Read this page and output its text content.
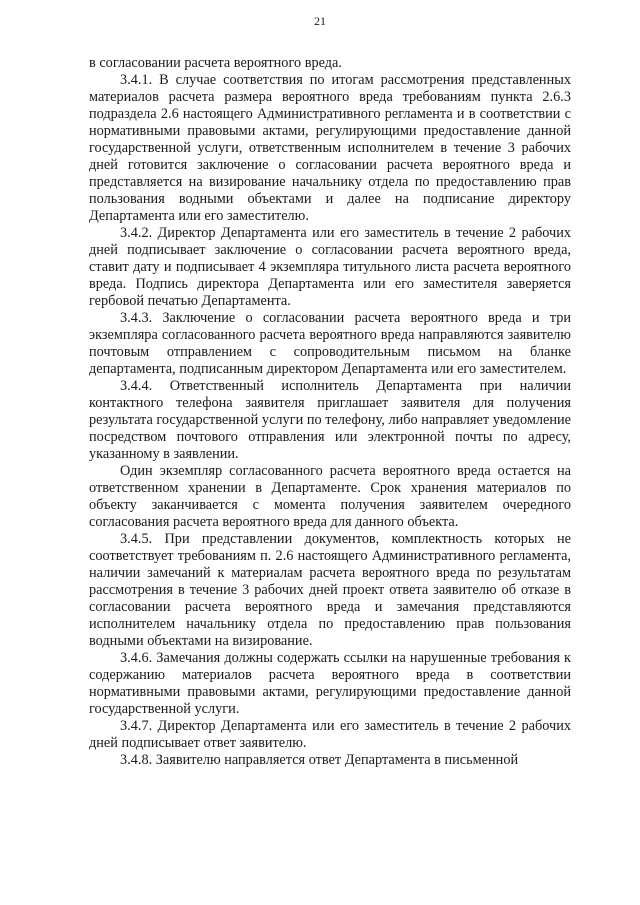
21

в согласовании расчета вероятного вреда.

3.4.1. В случае соответствия по итогам рассмотрения представленных материалов расчета размера вероятного вреда требованиям пункта 2.6.3 подраздела 2.6 настоящего Административного регламента и в соответствии с нормативными правовыми актами, регулирующими предоставление данной государственной услуги, ответственным исполнителем в течение 3 рабочих дней готовится заключение о согласовании расчета вероятного вреда и представляется на визирование начальнику отдела по предоставлению прав пользования водными объектами и далее на подписание директору Департамента или его заместителю.

3.4.2. Директор Департамента или его заместитель в течение 2 рабочих дней подписывает заключение о согласовании расчета вероятного вреда, ставит дату и подписывает 4 экземпляра титульного листа расчета вероятного вреда. Подпись директора Департамента или его заместителя заверяется гербовой печатью Департамента.

3.4.3. Заключение о согласовании расчета вероятного вреда и три экземпляра согласованного расчета вероятного вреда направляются заявителю почтовым отправлением с сопроводительным письмом на бланке департамента, подписанным директором Департамента или его заместителем.

3.4.4. Ответственный исполнитель Департамента при наличии контактного телефона заявителя приглашает заявителя для получения результата государственной услуги по телефону, либо направляет уведомление посредством почтового отправления или электронной почты по адресу, указанному в заявлении.

Один экземпляр согласованного расчета вероятного вреда остается на ответственном хранении в Департаменте. Срок хранения материалов по объекту заканчивается с момента получения заявителем очередного согласования расчета вероятного вреда для данного объекта.

3.4.5. При представлении документов, комплектность которых не соответствует требованиям п. 2.6 настоящего Административного регламента, наличии замечаний к материалам расчета вероятного вреда по результатам рассмотрения в течение 3 рабочих дней проект ответа заявителю об отказе в согласовании расчета вероятного вреда и замечания представляются исполнителем начальнику отдела по предоставлению прав пользования водными объектами на визирование.

3.4.6. Замечания должны содержать ссылки на нарушенные требования к содержанию материалов расчета вероятного вреда в соответствии нормативными правовыми актами, регулирующими предоставление данной государственной услуги.

3.4.7. Директор Департамента или его заместитель в течение 2 рабочих дней подписывает ответ заявителю.

3.4.8. Заявителю направляется ответ Департамента в письменной
